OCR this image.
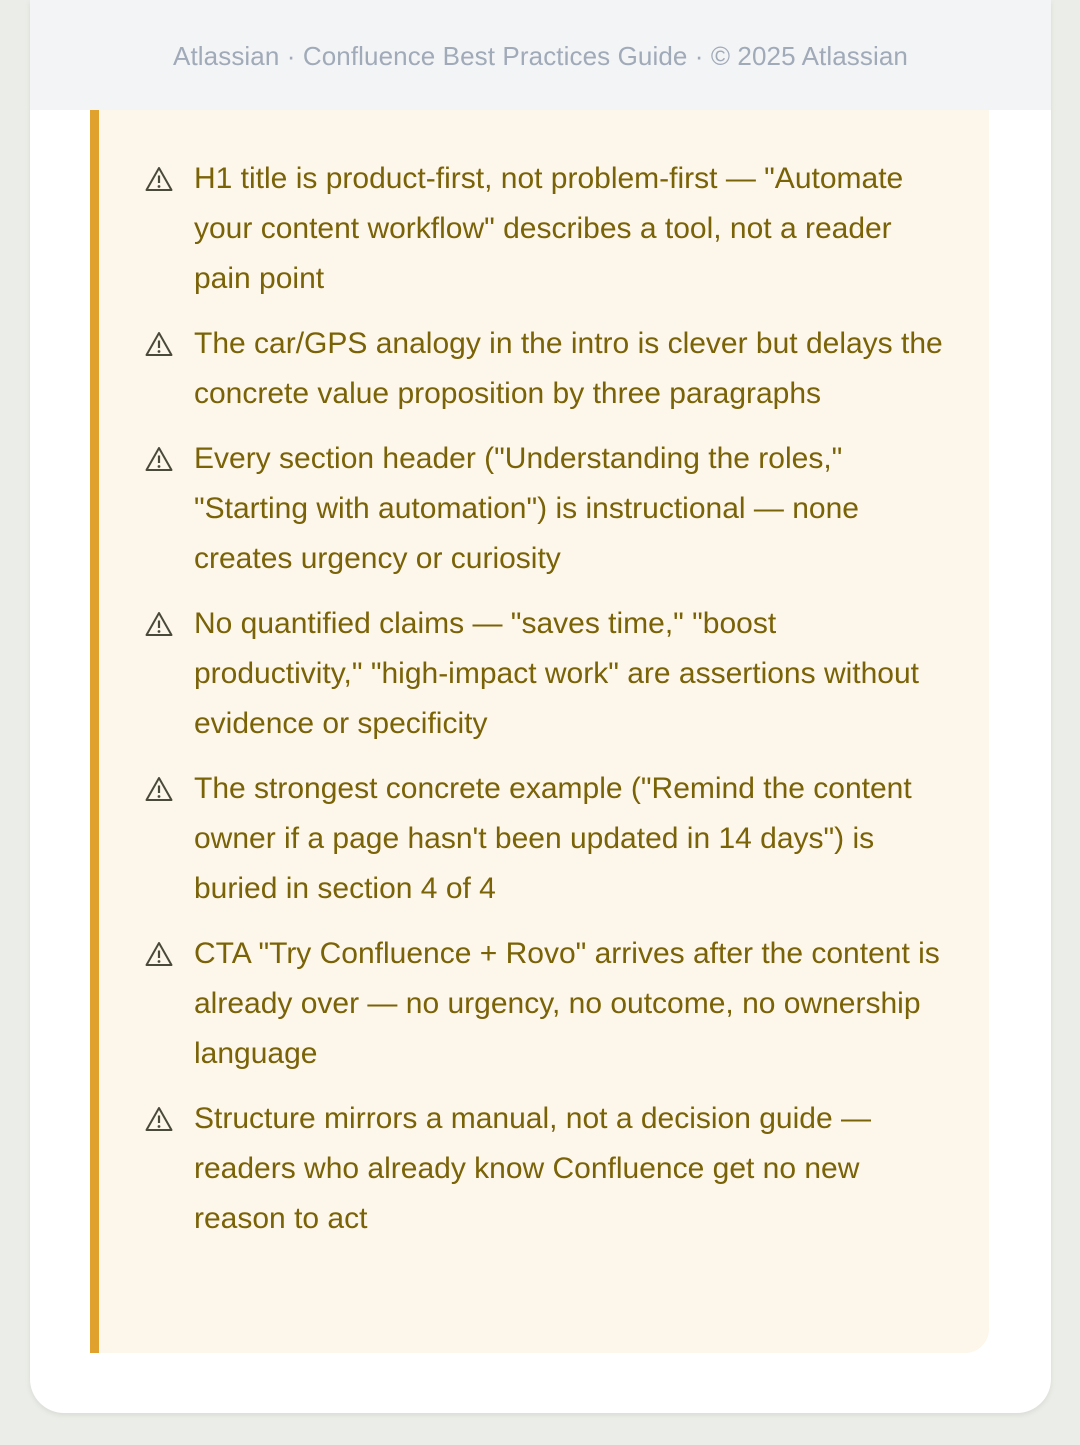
Atlassian · Confluence Best Practices Guide · © 2025 Atlassian
H1 title is product-first, not problem-first — "Automate your content workflow" describes a tool, not a reader pain point
The car/GPS analogy in the intro is clever but delays the concrete value proposition by three paragraphs
Every section header ("Understanding the roles," "Starting with automation") is instructional — none creates urgency or curiosity
No quantified claims — "saves time," "boost productivity," "high-impact work" are assertions without evidence or specificity
The strongest concrete example ("Remind the content owner if a page hasn't been updated in 14 days") is buried in section 4 of 4
CTA "Try Confluence + Rovo" arrives after the content is already over — no urgency, no outcome, no ownership language
Structure mirrors a manual, not a decision guide — readers who already know Confluence get no new reason to act
